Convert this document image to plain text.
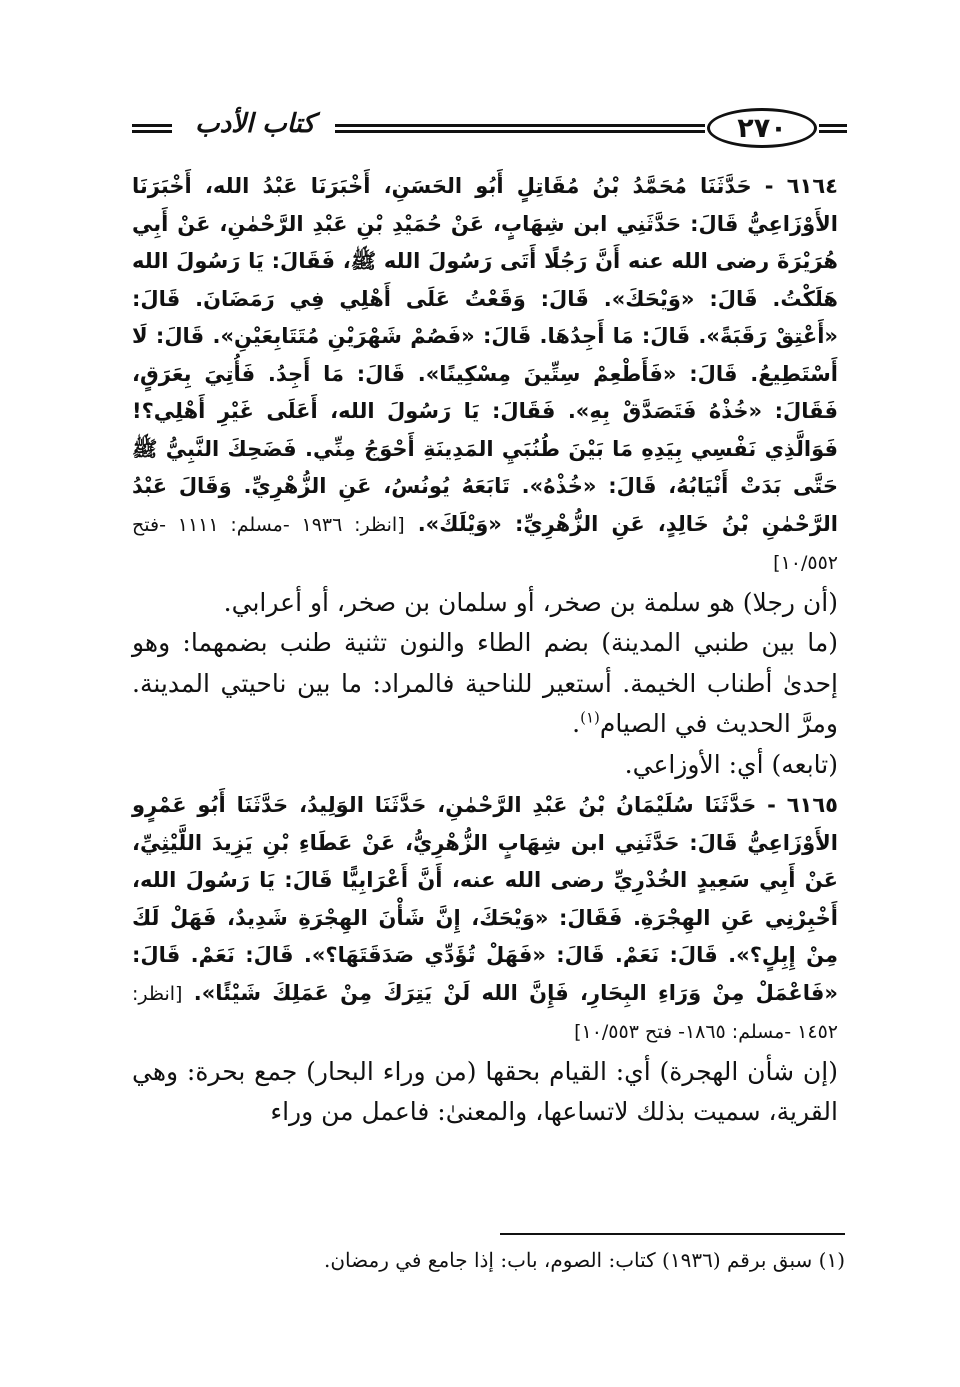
٢٧٠
كتاب الأدب

٦١٦٤ - حَدَّثَنَا مُحَمَّدُ بْنُ مُقَاتِلٍ أَبُو الحَسَنِ، أَخْبَرَنَا عَبْدُ الله، أَخْبَرَنَا الأَوْزَاعِيُّ قَالَ: حَدَّثَنِي ابن شِهَابٍ، عَنْ حُمَيْدِ بْنِ عَبْدِ الرَّحْمٰنِ، عَنْ أَبِي هُرَيْرَةَ رضى الله عنه أَنَّ رَجُلًا أَتَى رَسُولَ الله ﷺ، فَقَالَ: يَا رَسُولَ الله هَلَكْتُ. قَالَ: «وَيْحَكَ». قَالَ: وَقَعْتُ عَلَى أَهْلِي فِي رَمَضَانَ. قَالَ: «أَعْتِقْ رَقَبَةً». قَالَ: مَا أَجِدُهَا. قَالَ: «فَصُمْ شَهْرَيْنِ مُتَتَابِعَيْنِ». قَالَ: لَا أَسْتَطِيعُ. قَالَ: «فَأَطْعِمْ سِتِّينَ مِسْكِينًا». قَالَ: مَا أَجِدُ. فَأُتِيَ بِعَرَقٍ، فَقَالَ: «خُذْهُ فَتَصَدَّقْ بِهِ». فَقَالَ: يَا رَسُولَ الله، أَعَلَى غَيْرِ أَهْلِي؟! فَوَالَّذِي نَفْسِي بِيَدِهِ مَا بَيْنَ طُنُبَيِ المَدِينَةِ أَحْوَجُ مِنِّي. فَضَحِكَ النَّبِيُّ ﷺ حَتَّى بَدَتْ أَنْيَابُهُ، قَالَ: «خُذْهُ». تَابَعَهُ يُونُسُ، عَنِ الزُّهْرِيِّ. وَقَالَ عَبْدُ الرَّحْمٰنِ بْنُ خَالِدٍ، عَنِ الزُّهْرِيِّ: «وَيْلَكَ». [انظر: ١٩٣٦ -مسلم: ١١١١ -فتح ١٠/٥٥٢]

(أن رجلا) هو سلمة بن صخر، أو سلمان بن صخر، أو أعرابي.

(ما بين طنبي المدينة) بضم الطاء والنون تثنية طنب بضمهما: وهو إحدىٰ أطناب الخيمة. أستعير للناحية فالمراد: ما بين ناحيتي المدينة. ومرَّ الحديث في الصيام$^{(١)}$.

(تابعه) أي: الأوزاعي.

٦١٦٥ - حَدَّثَنَا سُلَيْمَانُ بْنُ عَبْدِ الرَّحْمٰنِ، حَدَّثَنَا الوَلِيدُ، حَدَّثَنَا أَبُو عَمْرٍو الأَوْزَاعِيُّ قَالَ: حَدَّثَنِي ابن شِهَابٍ الزُّهْرِيُّ، عَنْ عَطَاءِ بْنِ يَزِيدَ اللَّيْثِيِّ، عَنْ أَبِي سَعِيدٍ الخُدْرِيِّ رضى الله عنه، أَنَّ أَعْرَابِيًّا قَالَ: يَا رَسُولَ الله، أَخْبِرْنِي عَنِ الهِجْرَةِ. فَقَالَ: «وَيْحَكَ، إِنَّ شَأْنَ الهِجْرَةِ شَدِيدٌ، فَهَلْ لَكَ مِنْ إِبِلٍ؟». قَالَ: نَعَمْ. قَالَ: «فَهَلْ تُؤَدِّي صَدَقَتَهَا؟». قَالَ: نَعَمْ. قَالَ: «فَاعْمَلْ مِنْ وَرَاءِ البِحَارِ، فَإِنَّ الله لَنْ يَتِرَكَ مِنْ عَمَلِكَ شَيْئًا». [انظر: ١٤٥٢ -مسلم: ١٨٦٥- فتح ١٠/٥٥٣]

(إن شأن الهجرة) أي: القيام بحقها (من وراء البحار) جمع بحرة: وهي القرية، سميت بذلك لاتساعها، والمعنىٰ: فاعمل من وراء

(١) سبق برقم (١٩٣٦) كتاب: الصوم، باب: إذا جامع في رمضان.
